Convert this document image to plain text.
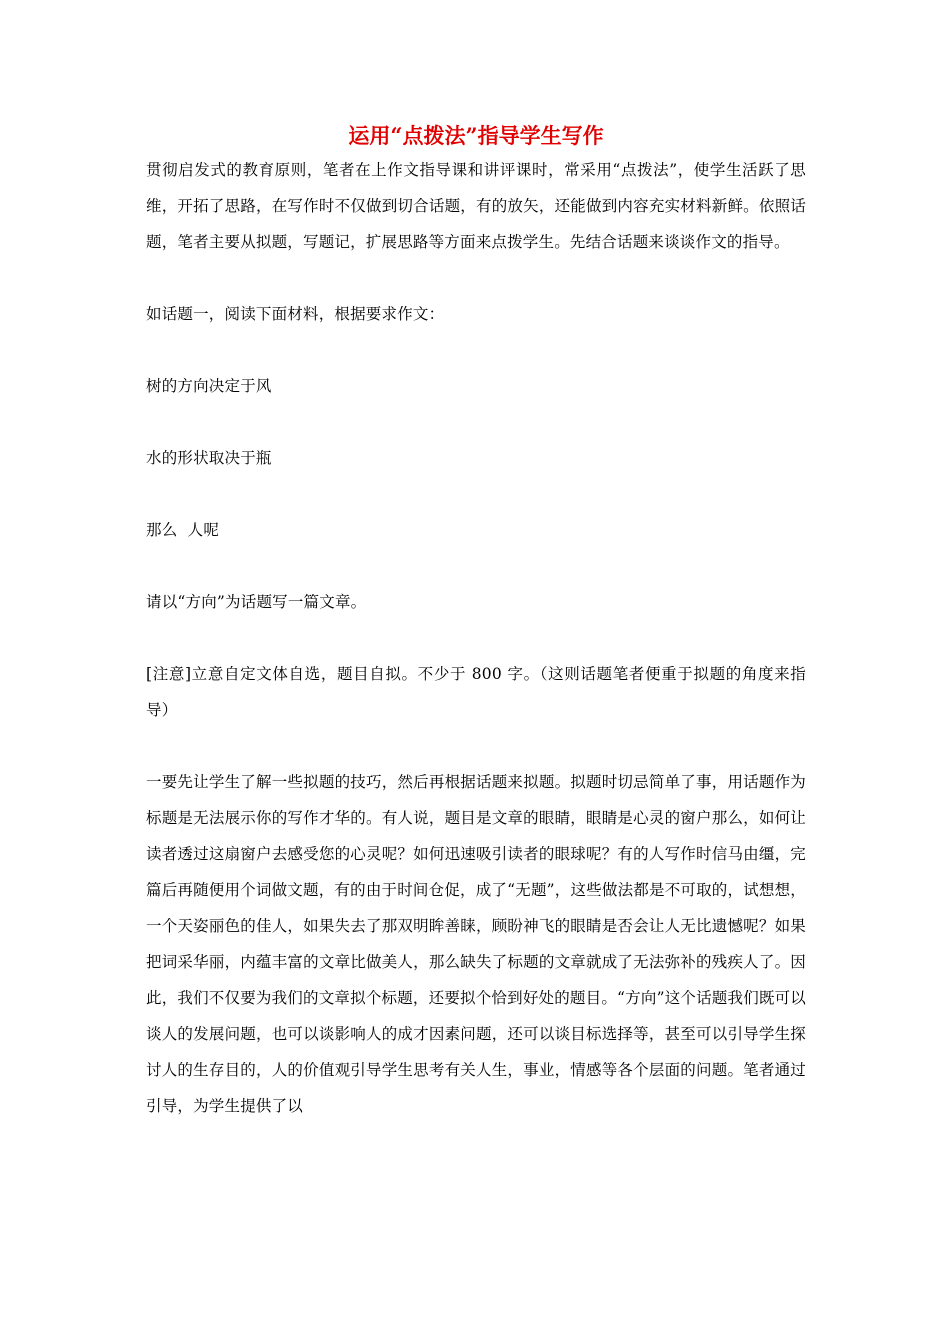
运用“点拨法”指导学生写作

贯彻启发式的教育原则，笔者在上作文指导课和讲评课时，常采用“点拨法”，使学生活跃了思维，开拓了思路，在写作时不仅做到切合话题，有的放矢，还能做到内容充实材料新鲜。依照话题，笔者主要从拟题，写题记，扩展思路等方面来点拨学生。先结合话题来谈谈作文的指导。

如话题一，阅读下面材料，根据要求作文：

树的方向决定于风

水的形状取决于瓶

那么  人呢

请以“方向”为话题写一篇文章。

[注意]立意自定文体自选，题目自拟。不少于 800 字。（这则话题笔者便重于拟题的角度来指导）

一要先让学生了解一些拟题的技巧，然后再根据话题来拟题。拟题时切忌简单了事，用话题作为标题是无法展示你的写作才华的。有人说，题目是文章的眼睛，眼睛是心灵的窗户那么，如何让读者透过这扇窗户去感受您的心灵呢？如何迅速吸引读者的眼球呢？有的人写作时信马由缰，完篇后再随便用个词做文题，有的由于时间仓促，成了“无题”，这些做法都是不可取的，试想想，一个天姿丽色的佳人，如果失去了那双明眸善睐，顾盼神飞的眼睛是否会让人无比遗憾呢？如果把词采华丽，内蕴丰富的文章比做美人，那么缺失了标题的文章就成了无法弥补的残疾人了。因此，我们不仅要为我们的文章拟个标题，还要拟个恰到好处的题目。“方向”这个话题我们既可以谈人的发展问题，也可以谈影响人的成才因素问题，还可以谈目标选择等，甚至可以引导学生探讨人的生存目的，人的价值观引导学生思考有关人生，事业，情感等各个层面的问题。笔者通过引导，为学生提供了以
